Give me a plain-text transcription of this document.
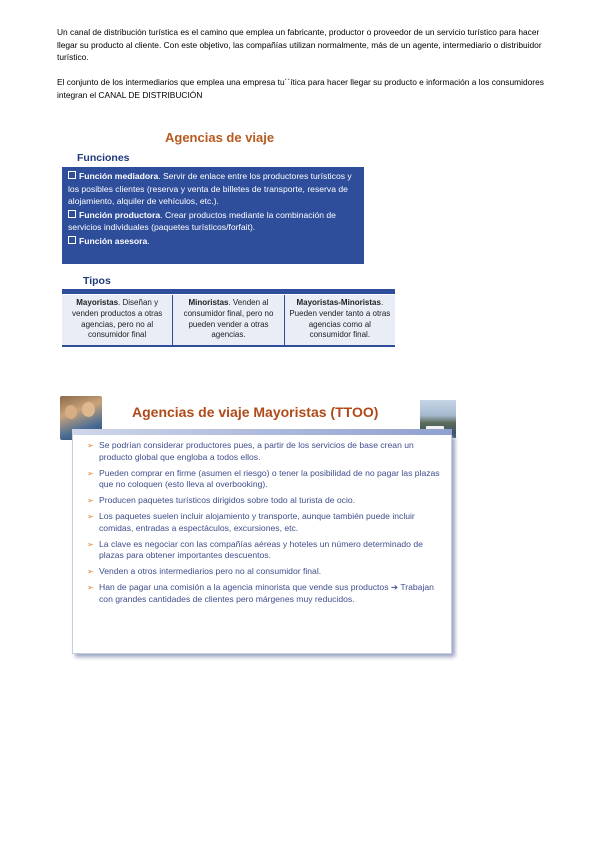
Un canal de distribución turística es el camino que emplea un fabricante, productor o proveedor de un servicio turístico para hacer llegar su producto al cliente. Con este objetivo, las compañías utilizan normalmente, más de un agente, intermediario o distribuidor turístico.

El conjunto de los intermediarios que emplea una empresa tu´´ítica para hacer llegar su producto e información a los consumidores integran el CANAL DE DISTRIBUCIÓN

Agencias de viaje
Funciones
Función mediadora. Servir de enlace entre los productores turísticos y los posibles clientes (reserva y venta de billetes de transporte, reserva de alojamiento, alquiler de vehículos, etc.).
Función productora. Crear productos mediante la combinación de servicios individuales (paquetes turísticos/forfait).
Función asesora.
Tipos
Mayoristas. Diseñan y venden productos a otras agencias, pero no al consumidor final
Minoristas. Venden al consumidor final, pero no pueden vender a otras agencias.
Mayoristas-Minoristas. Pueden vender tanto a otras agencias como al consumidor final.
Agencias de viaje Mayoristas (TTOO)
➢ Se podrían considerar productores pues, a partir de los servicios de base crean un producto global que engloba a todos ellos.
➢ Pueden comprar en firme (asumen el riesgo) o tener la posibilidad de no pagar las plazas que no coloquen (esto lleva al overbooking).
➢ Producen paquetes turísticos dirigidos sobre todo al turista de ocio.
➢ Los paquetes suelen incluir alojamiento y transporte, aunque también puede incluir comidas, entradas a espectáculos, excursiones, etc.
➢ La clave es negociar con las compañías aéreas y hoteles un número determinado de plazas para obtener importantes descuentos.
➢ Venden a otros intermediarios pero no al consumidor final.
➢ Han de pagar una comisión a la agencia minorista que vende sus productos ➔ Trabajan con grandes cantidades de clientes pero márgenes muy reducidos.
